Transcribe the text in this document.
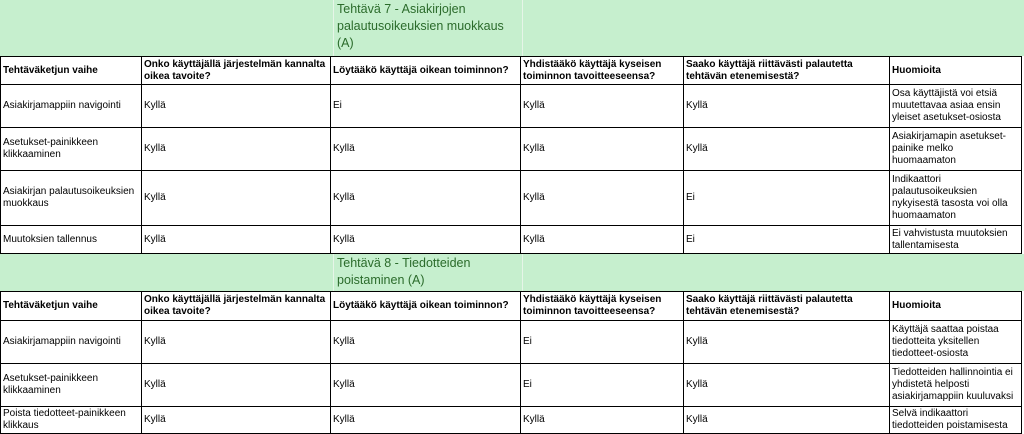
Tehtävä 7 - Asiakirjojen palautusoikeuksien muokkaus (A)
Tehtäväketjun vaihe	Onko käyttäjällä järjestelmän kannalta oikea tavoite?	Löytääkö käyttäjä oikean toiminnon?	Yhdistääkö käyttäjä kyseisen toiminnon tavoitteeseensa?	Saako käyttäjä riittävästi palautetta tehtävän etenemisestä?	Huomioita
Asiakirjamappiin navigointi	Kyllä	Ei	Kyllä	Kyllä	Osa käyttäjistä voi etsiä muutettavaa asiaa ensin yleiset asetukset-osiosta
Asetukset-painikkeen klikkaaminen	Kyllä	Kyllä	Kyllä	Kyllä	Asiakirjamapin asetukset-painike melko huomaamaton
Asiakirjan palautusoikeuksien muokkaus	Kyllä	Kyllä	Kyllä	Ei	Indikaattori palautusoikeuksien nykyisestä tasosta voi olla huomaamaton
Muutoksien tallennus	Kyllä	Kyllä	Kyllä	Ei	Ei vahvistusta muutoksien tallentamisesta
Tehtävä 8 - Tiedotteiden poistaminen (A)
Tehtäväketjun vaihe	Onko käyttäjällä järjestelmän kannalta oikea tavoite?	Löytääkö käyttäjä oikean toiminnon?	Yhdistääkö käyttäjä kyseisen toiminnon tavoitteeseensa?	Saako käyttäjä riittävästi palautetta tehtävän etenemisestä?	Huomioita
Asiakirjamappiin navigointi	Kyllä	Kyllä	Ei	Kyllä	Käyttäjä saattaa poistaa tiedotteita yksitellen tiedotteet-osiosta
Asetukset-painikkeen klikkaaminen	Kyllä	Kyllä	Ei	Kyllä	Tiedotteiden hallinnointia ei yhdistetä helposti asiakirjamappiin kuuluvaksi
Poista tiedotteet-painikkeen klikkaus	Kyllä	Kyllä	Kyllä	Kyllä	Selvä indikaattori tiedotteiden poistamisesta
